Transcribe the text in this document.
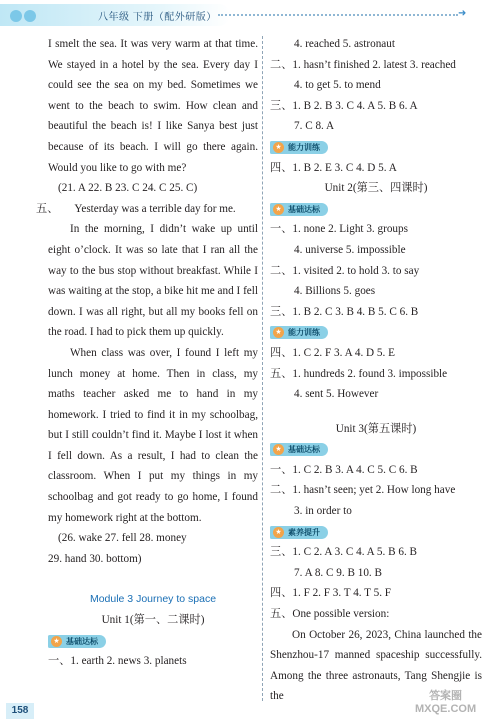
八年级 下册（配外研版）	➜

I smelt the sea. It was very warm at that time. We stayed in a hotel by the sea. Every day I could see the sea on my bed. Sometimes we went to the beach to swim. How clean and beautiful the beach is! I like Sanya best just because of its beach. I will go there again. Would you like to go with me?

(21. A 22. B 23. C 24. C 25. C)

五、 Yesterday was a terrible day for me.

In the morning, I didn’t wake up until eight o’clock. It was so late that I ran all the way to the bus stop without breakfast. While I was waiting at the stop, a bike hit me and I fell down. I was all right, but all my books fell on the road. I had to pick them up quickly.

When class was over, I found I left my lunch money at home. Then in class, my maths teacher asked me to hand in my homework. I tried to find it in my schoolbag, but I still couldn’t find it. Maybe I lost it when I fell down. As a result, I had to clean the classroom. When I put my things in my schoolbag and got ready to go home, I found my homework right at the bottom.

(26. wake 27. fell 28. money

29. hand 30. bottom)

Module 3 Journey to space

Unit 1(第一、二课时)

★ 基础达标

一、1. earth 2. news 3. planets

4. reached 5. astronaut

二、1. hasn’t finished 2. latest 3. reached

4. to get 5. to mend

三、1. B 2. B 3. C 4. A 5. B 6. A

7. C 8. A

★ 能力训练

四、1. B 2. E 3. C 4. D 5. A

Unit 2(第三、四课时)

★ 基础达标

一、1. none 2. Light 3. groups

4. universe 5. impossible

二、1. visited 2. to hold 3. to say

4. Billions 5. goes

三、1. B 2. C 3. B 4. B 5. C 6. B

★ 能力训练

四、1. C 2. F 3. A 4. D 5. E

五、1. hundreds 2. found 3. impossible

4. sent 5. However

Unit 3(第五课时)

★ 基础达标

一、1. C 2. B 3. A 4. C 5. C 6. B

二、1. hasn’t seen; yet 2. How long have

3. in order to

★ 素养提升

三、1. C 2. A 3. C 4. A 5. B 6. B

7. A 8. C 9. B 10. B

四、1. F 2. F 3. T 4. T 5. F

五、One possible version:

On October 26, 2023, China launched the Shenzhou-17 manned spaceship successfully. Among the three astronauts, Tang Shengjie is the

158
答案圈
MXQE.COM
